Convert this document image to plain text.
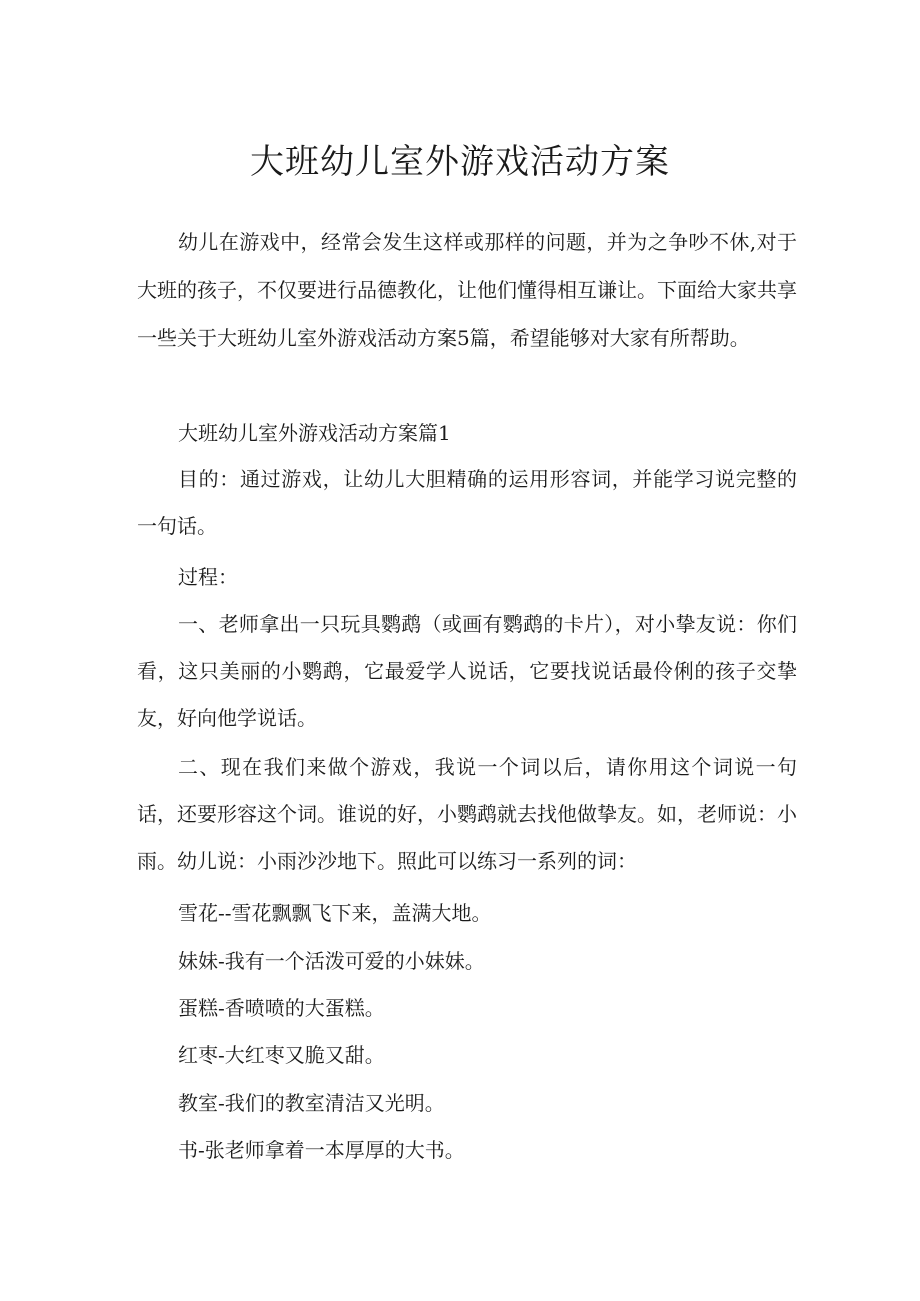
大班幼儿室外游戏活动方案

幼儿在游戏中，经常会发生这样或那样的问题，并为之争吵不休,对于大班的孩子，不仅要进行品德教化，让他们懂得相互谦让。下面给大家共享一些关于大班幼儿室外游戏活动方案5篇，希望能够对大家有所帮助。

大班幼儿室外游戏活动方案篇1

目的：通过游戏，让幼儿大胆精确的运用形容词，并能学习说完整的一句话。

过程：

一、老师拿出一只玩具鹦鹉（或画有鹦鹉的卡片），对小挚友说：你们看，这只美丽的小鹦鹉，它最爱学人说话，它要找说话最伶俐的孩子交挚友，好向他学说话。

二、现在我们来做个游戏，我说一个词以后，请你用这个词说一句话，还要形容这个词。谁说的好，小鹦鹉就去找他做挚友。如，老师说：小雨。幼儿说：小雨沙沙地下。照此可以练习一系列的词：

雪花--雪花飘飘飞下来，盖满大地。

妹妹-我有一个活泼可爱的小妹妹。

蛋糕-香喷喷的大蛋糕。

红枣-大红枣又脆又甜。

教室-我们的教室清洁又光明。

书-张老师拿着一本厚厚的大书。
